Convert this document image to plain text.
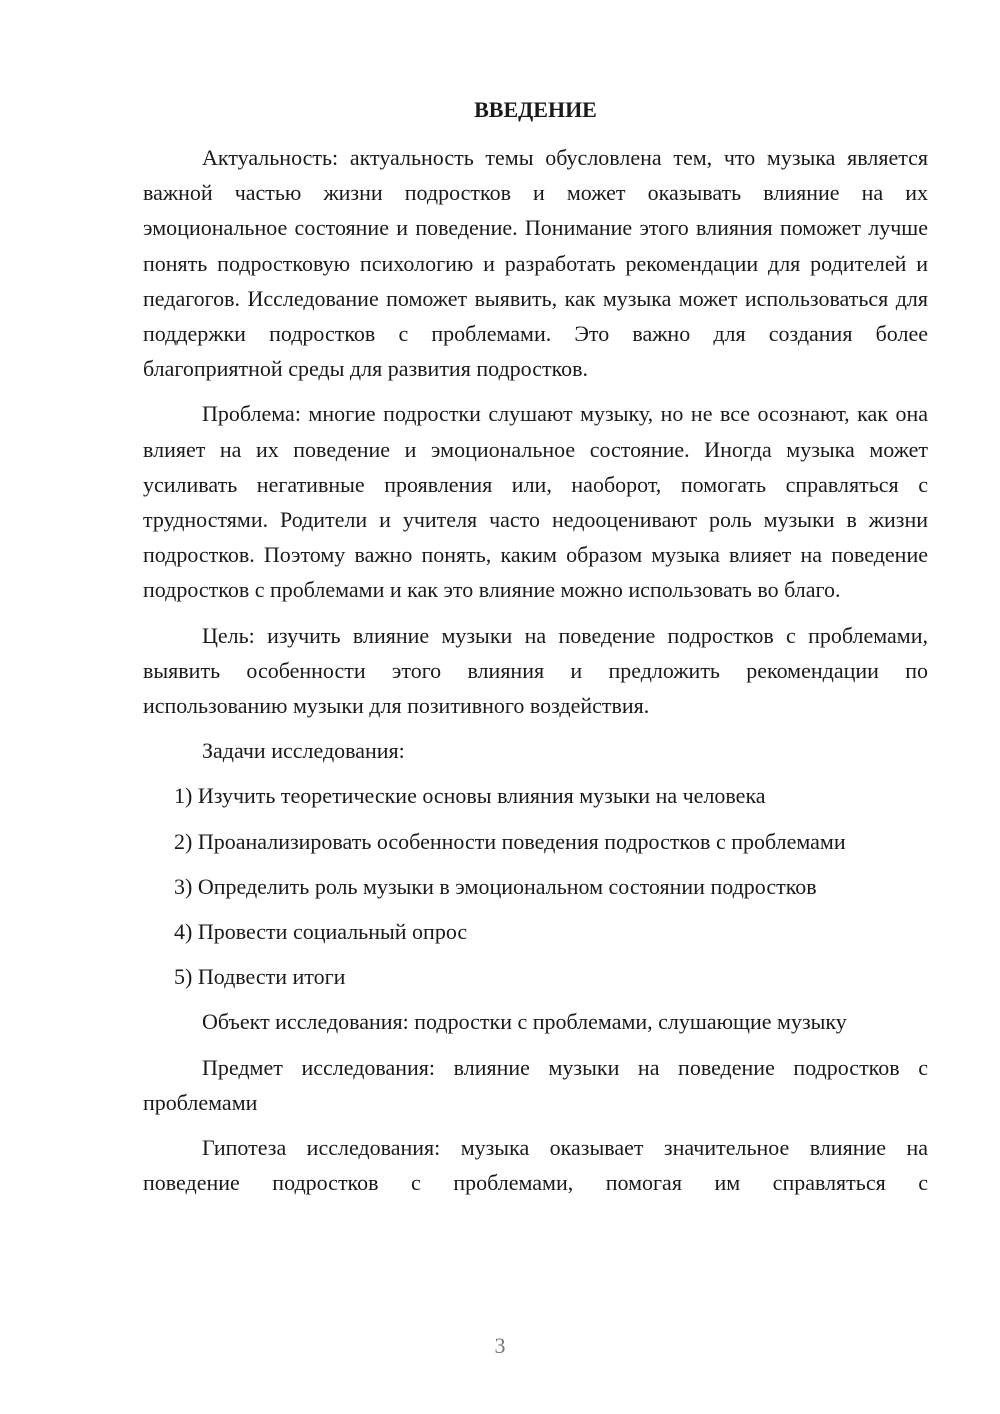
ВВЕДЕНИЕ

Актуальность: актуальность темы обусловлена тем, что музыка является важной частью жизни подростков и может оказывать влияние на их эмоциональное состояние и поведение. Понимание этого влияния поможет лучше понять подростковую психологию и разработать рекомендации для родителей и педагогов. Исследование поможет выявить, как музыка может использоваться для поддержки подростков с проблемами. Это важно для создания более благоприятной среды для развития подростков.

Проблема: многие подростки слушают музыку, но не все осознают, как она влияет на их поведение и эмоциональное состояние. Иногда музыка может усиливать негативные проявления или, наоборот, помогать справляться с трудностями. Родители и учителя часто недооценивают роль музыки в жизни подростков. Поэтому важно понять, каким образом музыка влияет на поведение подростков с проблемами и как это влияние можно использовать во благо.

Цель: изучить влияние музыки на поведение подростков с проблемами, выявить особенности этого влияния и предложить рекомендации по использованию музыки для позитивного воздействия.

Задачи исследования:

1) Изучить теоретические основы влияния музыки на человека

2) Проанализировать особенности поведения подростков с проблемами

3) Определить роль музыки в эмоциональном состоянии подростков

4) Провести социальный опрос

5) Подвести итоги

Объект исследования: подростки с проблемами, слушающие музыку

Предмет исследования: влияние музыки на поведение подростков с проблемами

Гипотеза исследования: музыка оказывает значительное влияние на поведение подростков с проблемами, помогая им справляться с

3
